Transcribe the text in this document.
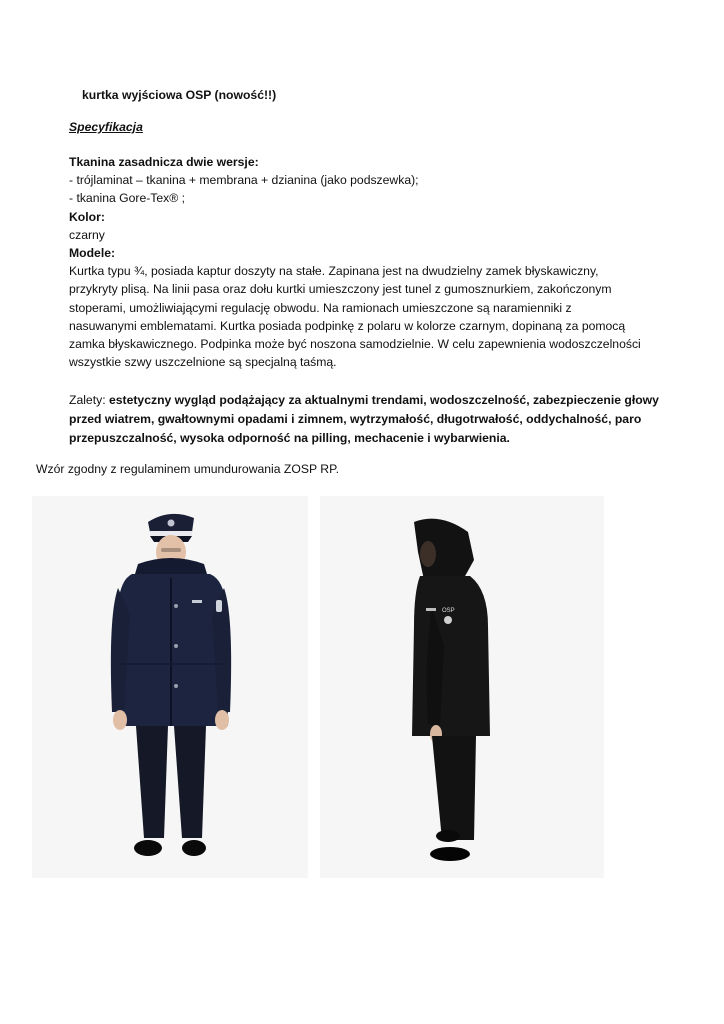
kurtka wyjściowa OSP (nowość!!)
Specyfikacja
Tkanina zasadnicza dwie wersje:
- trójlaminat – tkanina + membrana + dzianina (jako podszewka);
- tkanina Gore-Tex® ;
Kolor:
czarny
Modele:
Kurtka typu ¾, posiada kaptur doszyty na stałe. Zapinana jest na dwudzielny zamek błyskawiczny,
przykryty plisą. Na linii pasa oraz dołu kurtki umieszczony jest tunel z gumosznurkiem, zakończonym
stoperami, umożliwiającymi regulację obwodu. Na ramionach umieszczone są naramienniki z
nasuwanymi emblematami. Kurtka posiada podpinkę z polaru w kolorze czarnym, dopinaną za pomocą
zamka błyskawicznego. Podpinka może być noszona samodzielnie. W celu zapewnienia wodoszczelności
wszystkie szwy uszczelnione są specjalną taśmą.
Zalety: estetyczny wygląd podążający za aktualnymi trendami, wodoszczelność, zabezpieczenie głowy
przed wiatrem, gwałtownymi opadami i zimnem, wytrzymałość, długotrwałość, oddychalność, paro
przepuszczalność, wysoka odporność na pilling, mechacenie i wybarwienia.
Wzór zgodny z regulaminem umundurowania ZOSP RP.
OSP
